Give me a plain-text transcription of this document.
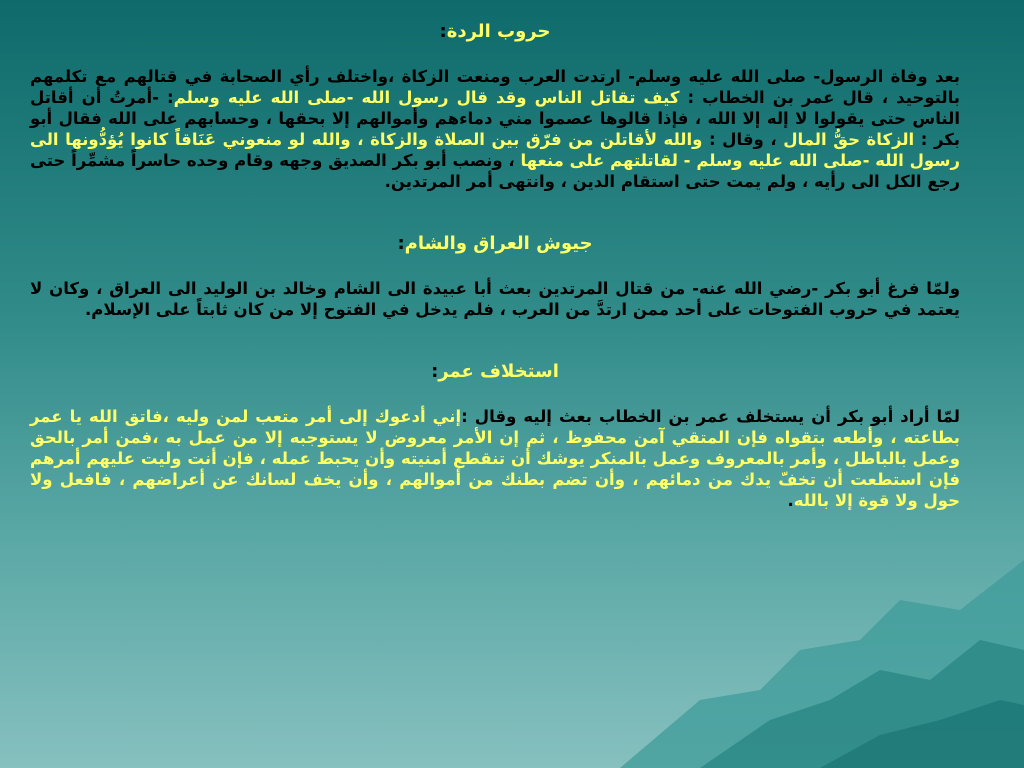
حروب الردة:

بعد وفاة الرسول- صلى الله عليه وسلم- ارتدت العرب ومنعت الزكاة ،واختلف رأي الصحابة في قتالهم مع تكلمهم بالتوحيد ، قال عمر بن الخطاب : كيف تقاتل الناس وقد قال رسول الله -صلى الله عليه وسلم: -أمرتُ أن أقاتل الناس حتى يقولوا لا إله إلا الله ، فإذا قالوها عصموا مني دماءهم وأموالهم إلا بحقها ، وحسابهم على الله فقال أبو بكر : الزكاة حقُّ المال ، وقال : والله لأقاتلن من فرّق بين الصلاة والزكاة ، والله لو منعوني عَنَاقاً كانوا يُؤدُّونها الى رسول الله -صلى الله عليه وسلم - لقاتلتهم على منعها ، ونصب أبو بكر الصديق وجهه وقام وحده حاسراً مشمِّراً حتى رجع الكل الى رأيه ، ولم يمت حتى استقام الدين ، وانتهى أمر المرتدين.

جيوش العراق والشام:

ولمّا فرغ أبو بكر -رضي الله عنه- من قتال المرتدين بعث أبا عبيدة الى الشام وخالد بن الوليد الى العراق ، وكان لا يعتمد في حروب الفتوحات على أحد ممن ارتدَّ من العرب ، فلم يدخل في الفتوح إلا من كان ثابتاً على الإسلام.

استخلاف عمر:

لمّا أراد أبو بكر أن يستخلف عمر بن الخطاب بعث إليه وقال :إني أدعوك إلى أمر متعب لمن وليه ،فاتق الله يا عمر بطاعته ، وأطعه بتقواه فإن المتقي آمن محفوظ ، ثم إن الأمر معروض لا يستوجبه إلا من عمل به ،فمن أمر بالحق وعمل بالباطل ، وأمر بالمعروف وعمل بالمنكر يوشك أن تنقطع أمنيته وأن يحبط عمله ، فإن أنت وليت عليهم أمرهم فإن استطعت أن تخفّ يدك من دمائهم ، وأن تضم بطنك من أموالهم ، وأن يخف لسانك عن أعراضهم ، فافعل ولا حول ولا قوة إلا بالله.
